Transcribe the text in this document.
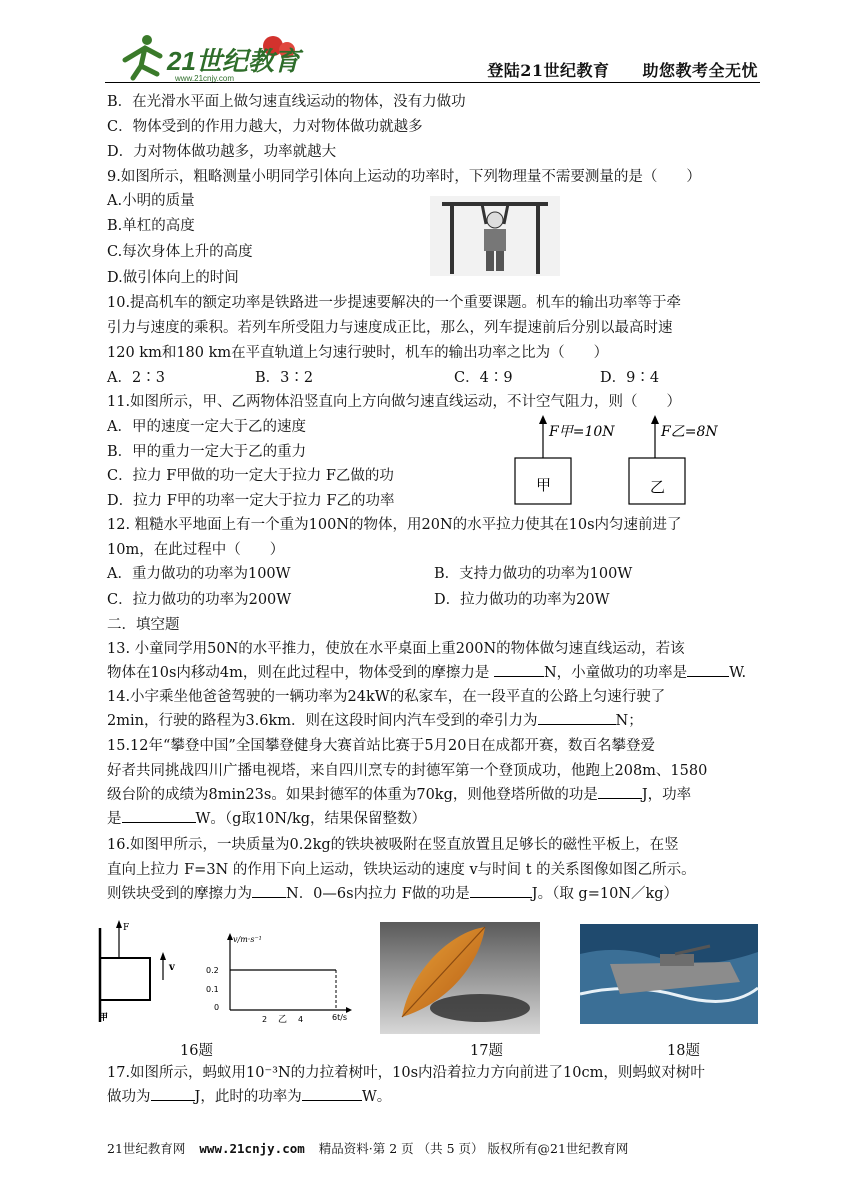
21世纪教育
www.21cnjy.com	登陆21世纪教育　　助您教考全无忧
B．在光滑水平面上做匀速直线运动的物体，没有力做功
C．物体受到的作用力越大，力对物体做功就越多
D．力对物体做功越多，功率就越大
9.如图所示，粗略测量小明同学引体向上运动的功率时，下列物理量不需要测量的是（　　）
A.小明的质量
B.单杠的高度
C.每次身体上升的高度
D.做引体向上的时间
10.提高机车的额定功率是铁路进一步提速要解决的一个重要课题。机车的输出功率等于牵
引力与速度的乘积。若列车所受阻力与速度成正比，那么，列车提速前后分别以最高时速
120 km和180 km在平直轨道上匀速行驶时，机车的输出功率之比为（　　）
A．2∶3	B．3∶2	C．4∶9	D．9∶4
11.如图所示，甲、乙两物体沿竖直向上方向做匀速直线运动，不计空气阻力，则（　　）
A．甲的速度一定大于乙的速度
B．甲的重力一定大于乙的重力
C．拉力 F甲做的功一定大于拉力 F乙做的功
D．拉力 F甲的功率一定大于拉力 F乙的功率
F甲=10N	F乙=8N
甲	乙
12. 粗糙水平地面上有一个重为100N的物体，用20N的水平拉力使其在10s内匀速前进了
10m，在此过程中（　　）
A．重力做功的功率为100W	B．支持力做功的功率为100W
C．拉力做功的功率为200W	D．拉力做功的功率为20W
二．填空题
13. 小童同学用50N的水平推力，使放在水平桌面上重200N的物体做匀速直线运动，若该
物体在10s内移动4m，则在此过程中，物体受到的摩擦力是	N，小童做功的功率是	W.
14.小宇乘坐他爸爸驾驶的一辆功率为24kW的私家车，在一段平直的公路上匀速行驶了
2min，行驶的路程为3.6km．则在这段时间内汽车受到的牵引力为	N；
15.12年“攀登中国”全国攀登健身大赛首站比赛于5月20日在成都开赛，数百名攀登爱
好者共同挑战四川广播电视塔，来自四川烹专的封德军第一个登顶成功，他跑上208m、1580
级台阶的成绩为8min23s。如果封德军的体重为70kg，则他登塔所做的功是	J，功率
是	W。（g取10N/kg，结果保留整数）
16.如图甲所示，一块质量为0.2kg的铁块被吸附在竖直放置且足够长的磁性平板上，在竖
直向上拉力 F=3N 的作用下向上运动，铁块运动的速度 v与时间 t 的关系图像如图乙所示。
则铁块受到的摩擦力为 N．0—6s内拉力 F做的功是	J。（取 g=10N／kg）
F
v
甲
v/m·s⁻¹
0.2
0.1
0
2	4	6t/s
乙
16题	17题	18题
17.如图所示，蚂蚁用10⁻³N的力拉着树叶，10s内沿着拉力方向前进了10cm，则蚂蚁对树叶
做功为	J，此时的功率为	W。
21世纪教育网 www.21cnjy.com 精品资料·第 2 页 （共 5 页） 版权所有@21世纪教育网
